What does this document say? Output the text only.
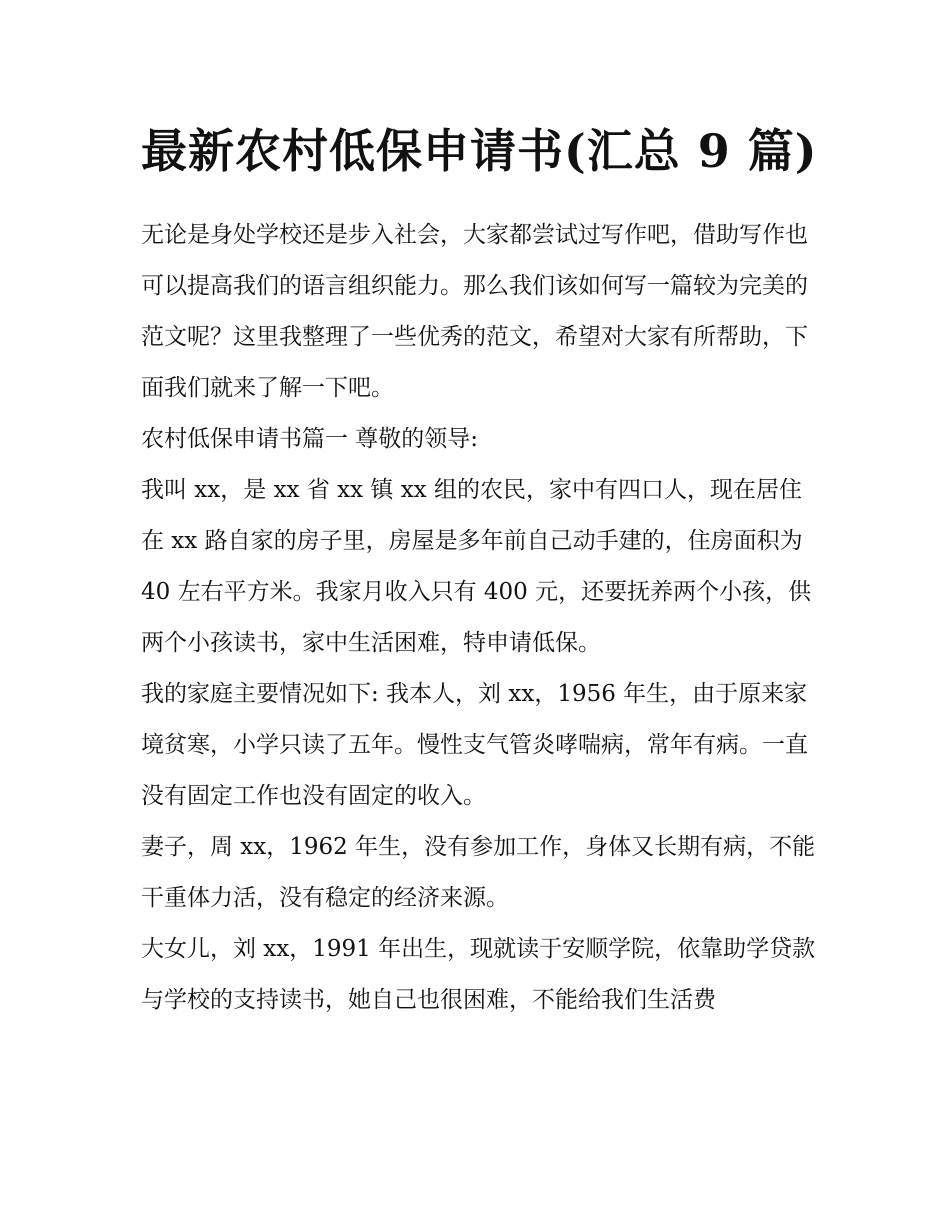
最新农村低保申请书(汇总 9 篇)

无论是身处学校还是步入社会，大家都尝试过写作吧，借助写作也可以提高我们的语言组织能力。那么我们该如何写一篇较为完美的范文呢？这里我整理了一些优秀的范文，希望对大家有所帮助，下面我们就来了解一下吧。

农村低保申请书篇一 尊敬的领导:

我叫 xx，是 xx 省 xx 镇 xx 组的农民，家中有四口人，现在居住在 xx 路自家的房子里，房屋是多年前自己动手建的，住房面积为 40 左右平方米。我家月收入只有 400 元，还要抚养两个小孩，供两个小孩读书，家中生活困难，特申请低保。

我的家庭主要情况如下: 我本人，刘 xx，1956 年生，由于原来家境贫寒，小学只读了五年。慢性支气管炎哮喘病，常年有病。一直没有固定工作也没有固定的收入。

妻子，周 xx，1962 年生，没有参加工作，身体又长期有病，不能干重体力活，没有稳定的经济来源。

大女儿，刘 xx，1991 年出生，现就读于安顺学院，依靠助学贷款与学校的支持读书，她自己也很困难，不能给我们生活费
